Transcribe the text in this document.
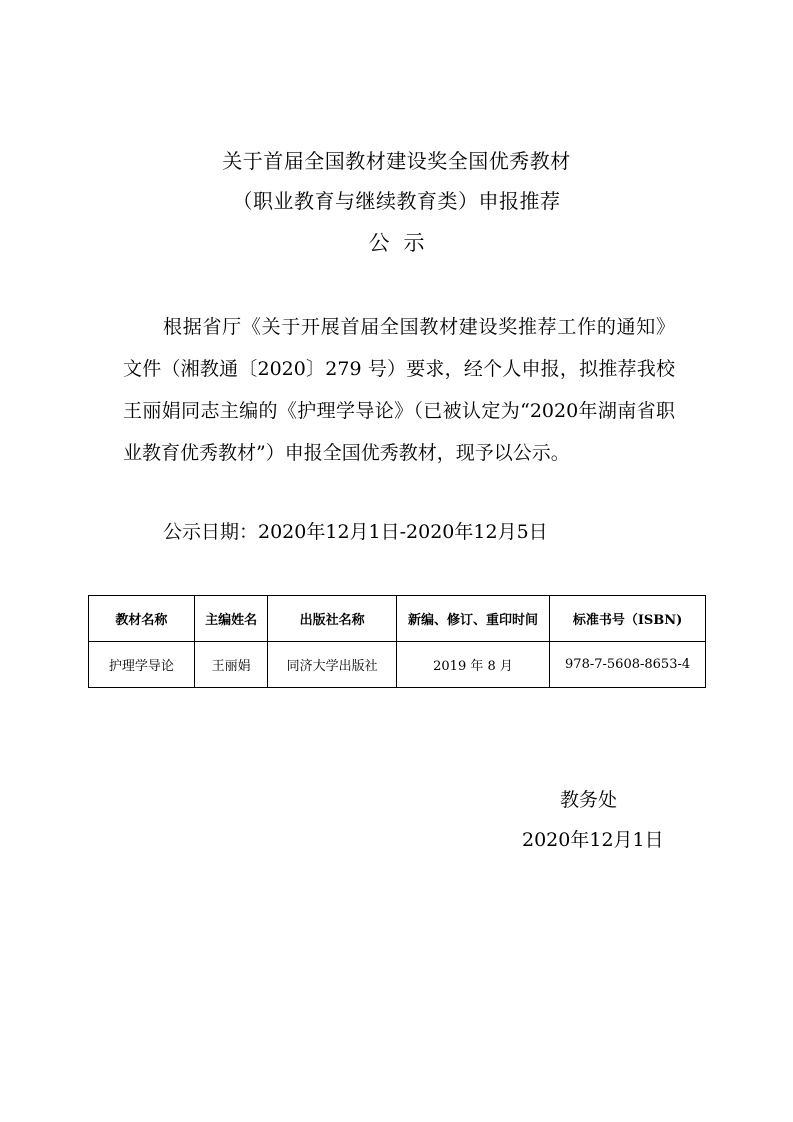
关于首届全国教材建设奖全国优秀教材
（职业教育与继续教育类）申报推荐
公示

根据省厅《关于开展首届全国教材建设奖推荐工作的通知》文件（湘教通〔2020〕279 号）要求，经个人申报，拟推荐我校王丽娟同志主编的《护理学导论》（已被认定为“2020年湖南省职业教育优秀教材”）申报全国优秀教材，现予以公示。

公示日期：2020年12月1日-2020年12月5日
教材名称	主编姓名	出版社名称	新编、修订、重印时间	标准书号（ISBN)
护理学导论	王丽娟	同济大学出版社	2019 年 8 月	978-7-5608-8653-4
教务处
2020年12月1日
